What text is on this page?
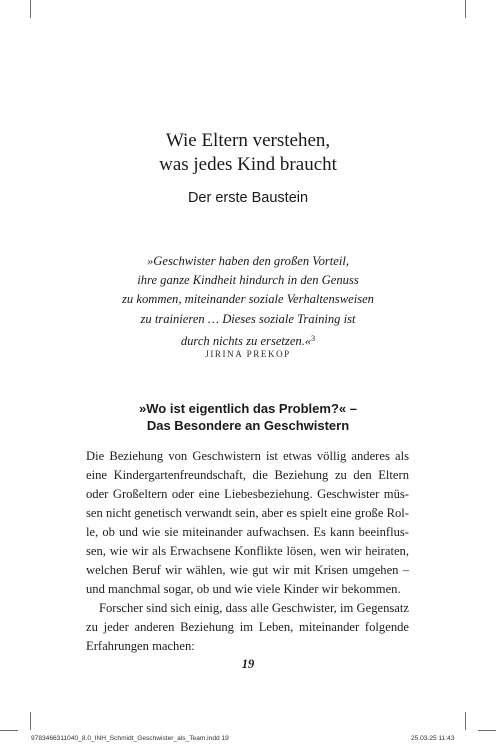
Wie Eltern verstehen,
was jedes Kind braucht
Der erste Baustein
»Geschwister haben den großen Vorteil,
ihre ganze Kindheit hindurch in den Genuss
zu kommen, miteinander soziale Verhaltensweisen
zu trainieren … Dieses soziale Training ist
durch nichts zu ersetzen.«$^3$
JIRINA PREKOP
»Wo ist eigentlich das Problem?« –
Das Besondere an Geschwistern
Die Beziehung von Geschwistern ist etwas völlig anderes als
eine Kindergartenfreundschaft, die Beziehung zu den Eltern
oder Großeltern oder eine Liebesbeziehung. Geschwister müs-
sen nicht genetisch verwandt sein, aber es spielt eine große Rol-
le, ob und wie sie miteinander aufwachsen. Es kann beeinflus-
sen, wie wir als Erwachsene Konflikte lösen, wen wir heiraten,
welchen Beruf wir wählen, wie gut wir mit Krisen umgehen –
und manchmal sogar, ob und wie viele Kinder wir bekommen.
Forscher sind sich einig, dass alle Geschwister, im Gegensatz
zu jeder anderen Beziehung im Leben, miteinander folgende
Erfahrungen machen:
19
9783466311040_8.0_INH_Schmidt_Geschwister_als_Team.indd 19	25.03.25 11:43
